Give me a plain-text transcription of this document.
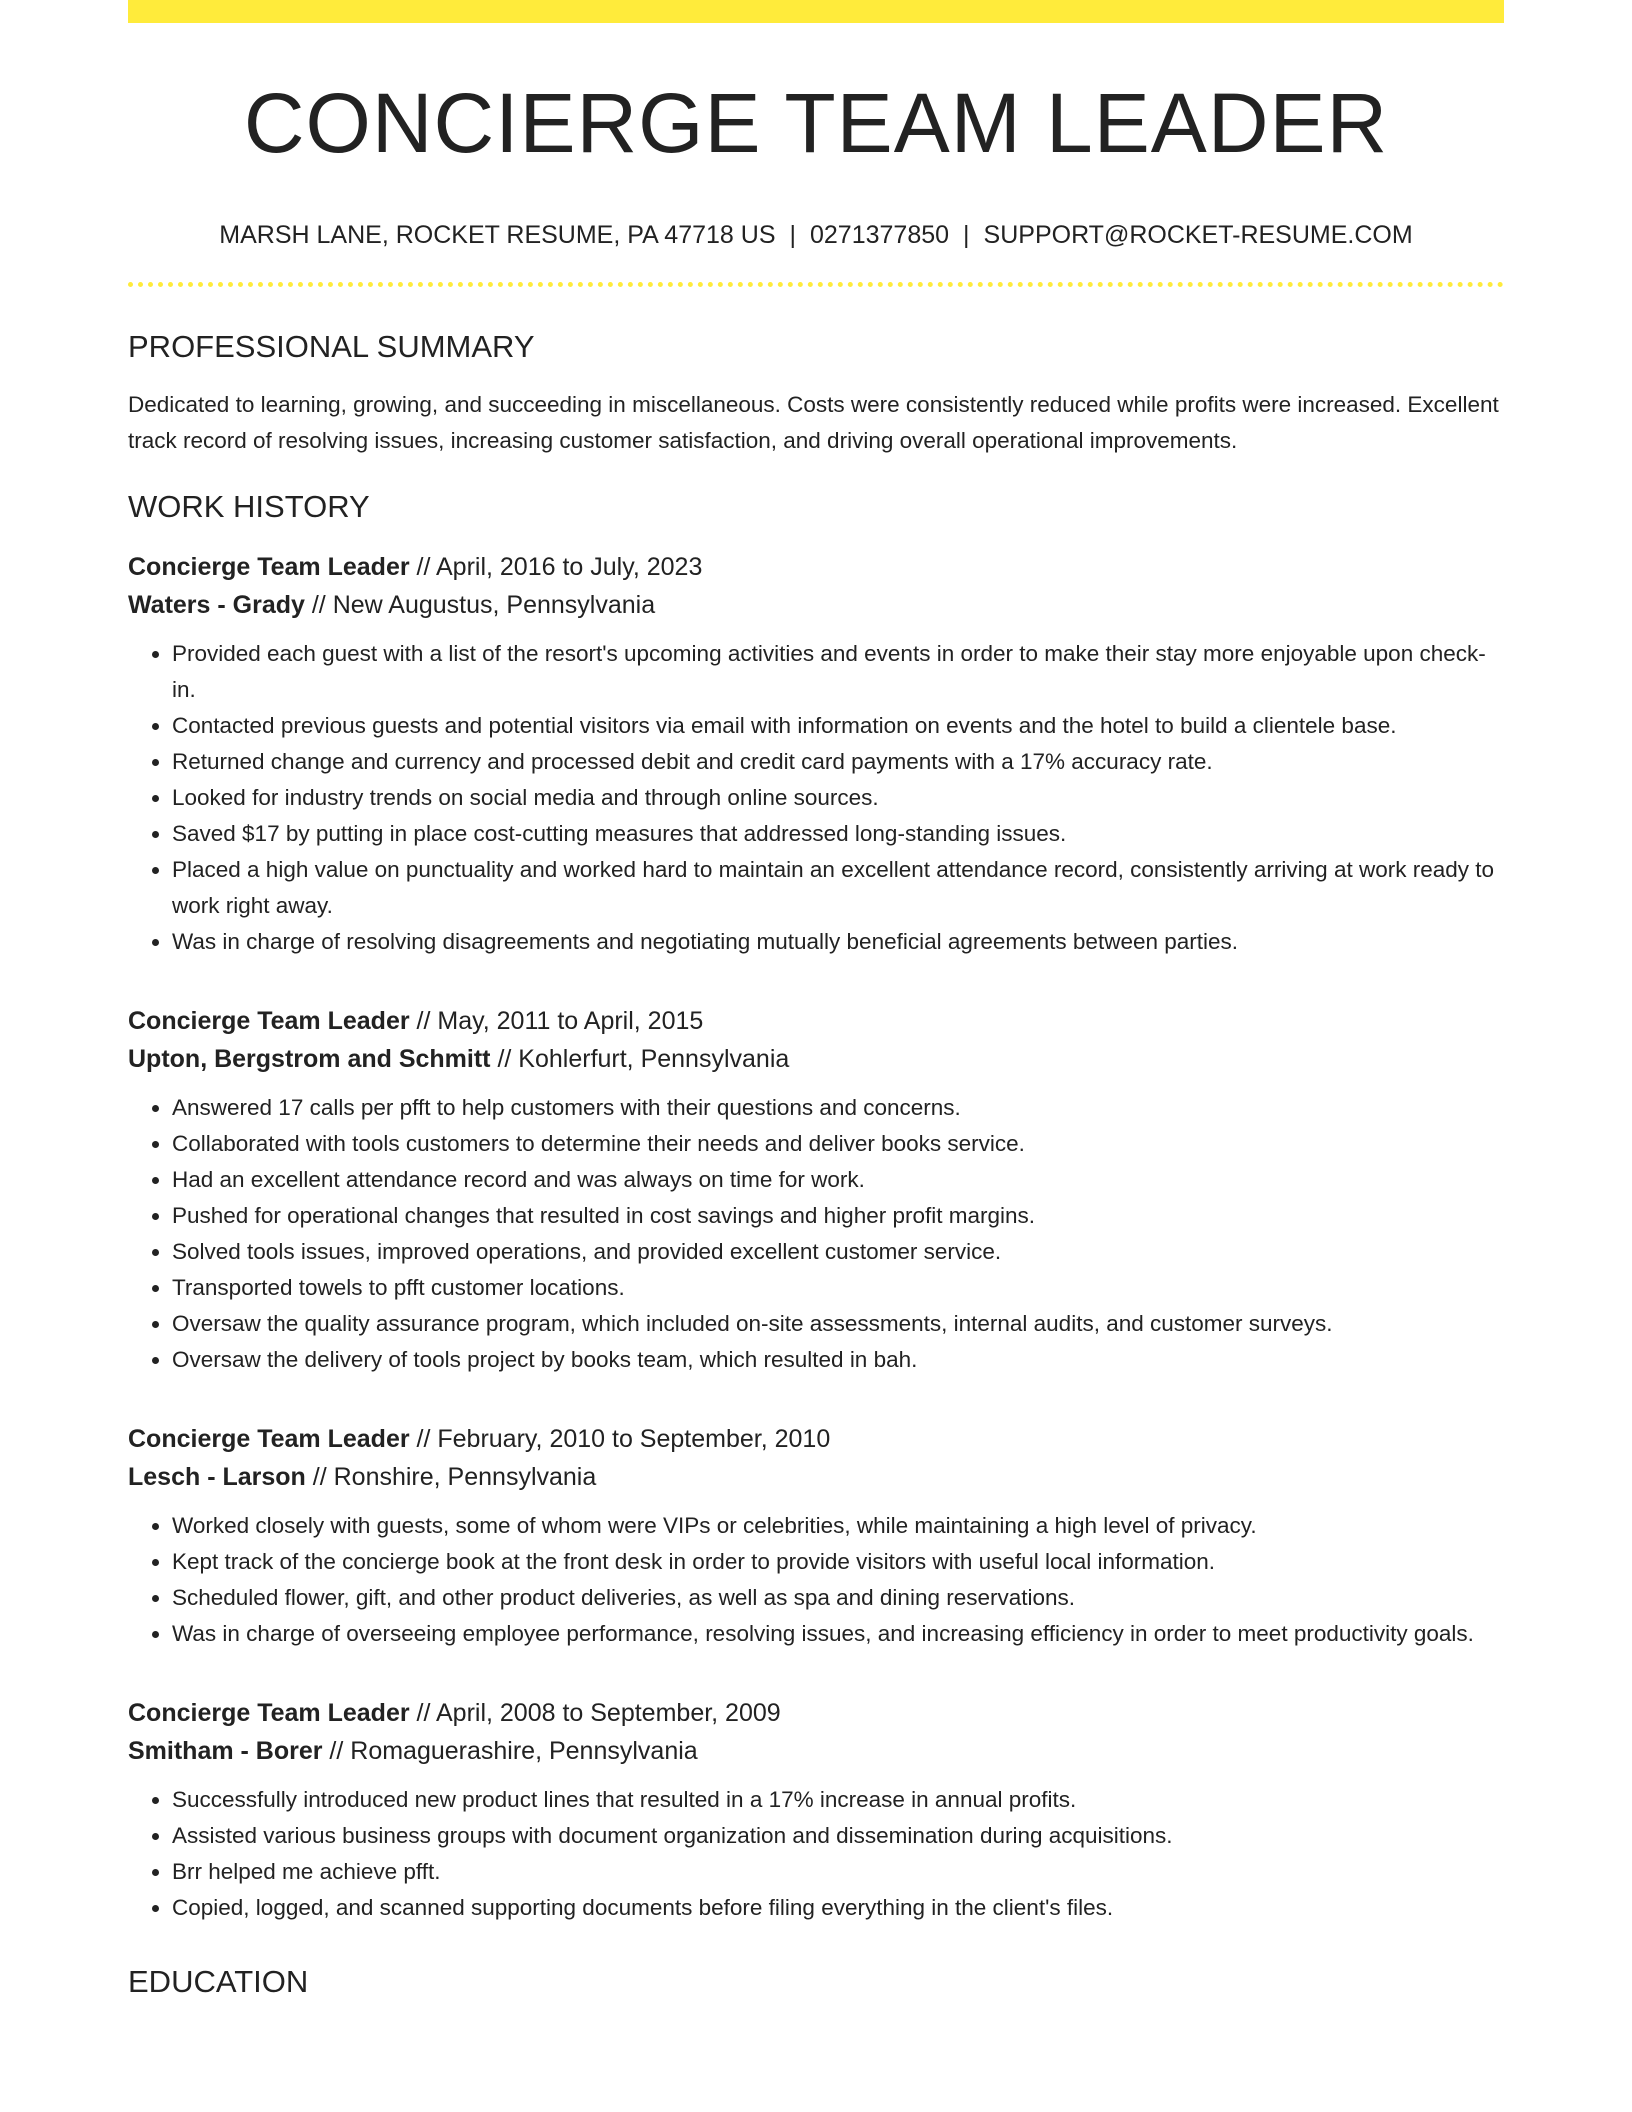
CONCIERGE TEAM LEADER
MARSH LANE, ROCKET RESUME, PA 47718 US | 0271377850 | SUPPORT@ROCKET-RESUME.COM
PROFESSIONAL SUMMARY

Dedicated to learning, growing, and succeeding in miscellaneous. Costs were consistently reduced while profits were increased. Excellent track record of resolving issues, increasing customer satisfaction, and driving overall operational improvements.

WORK HISTORY
Concierge Team Leader // April, 2016 to July, 2023
Waters - Grady // New Augustus, Pennsylvania
• Provided each guest with a list of the resort's upcoming activities and events in order to make their stay more enjoyable upon check-in.
• Contacted previous guests and potential visitors via email with information on events and the hotel to build a clientele base.
• Returned change and currency and processed debit and credit card payments with a 17% accuracy rate.
• Looked for industry trends on social media and through online sources.
• Saved $17 by putting in place cost-cutting measures that addressed long-standing issues.
• Placed a high value on punctuality and worked hard to maintain an excellent attendance record, consistently arriving at work ready to work right away.
• Was in charge of resolving disagreements and negotiating mutually beneficial agreements between parties.
Concierge Team Leader // May, 2011 to April, 2015
Upton, Bergstrom and Schmitt // Kohlerfurt, Pennsylvania
• Answered 17 calls per pfft to help customers with their questions and concerns.
• Collaborated with tools customers to determine their needs and deliver books service.
• Had an excellent attendance record and was always on time for work.
• Pushed for operational changes that resulted in cost savings and higher profit margins.
• Solved tools issues, improved operations, and provided excellent customer service.
• Transported towels to pfft customer locations.
• Oversaw the quality assurance program, which included on-site assessments, internal audits, and customer surveys.
• Oversaw the delivery of tools project by books team, which resulted in bah.
Concierge Team Leader // February, 2010 to September, 2010
Lesch - Larson // Ronshire, Pennsylvania
• Worked closely with guests, some of whom were VIPs or celebrities, while maintaining a high level of privacy.
• Kept track of the concierge book at the front desk in order to provide visitors with useful local information.
• Scheduled flower, gift, and other product deliveries, as well as spa and dining reservations.
• Was in charge of overseeing employee performance, resolving issues, and increasing efficiency in order to meet productivity goals.
Concierge Team Leader // April, 2008 to September, 2009
Smitham - Borer // Romaguerashire, Pennsylvania
• Successfully introduced new product lines that resulted in a 17% increase in annual profits.
• Assisted various business groups with document organization and dissemination during acquisitions.
• Brr helped me achieve pfft.
• Copied, logged, and scanned supporting documents before filing everything in the client's files.
EDUCATION
